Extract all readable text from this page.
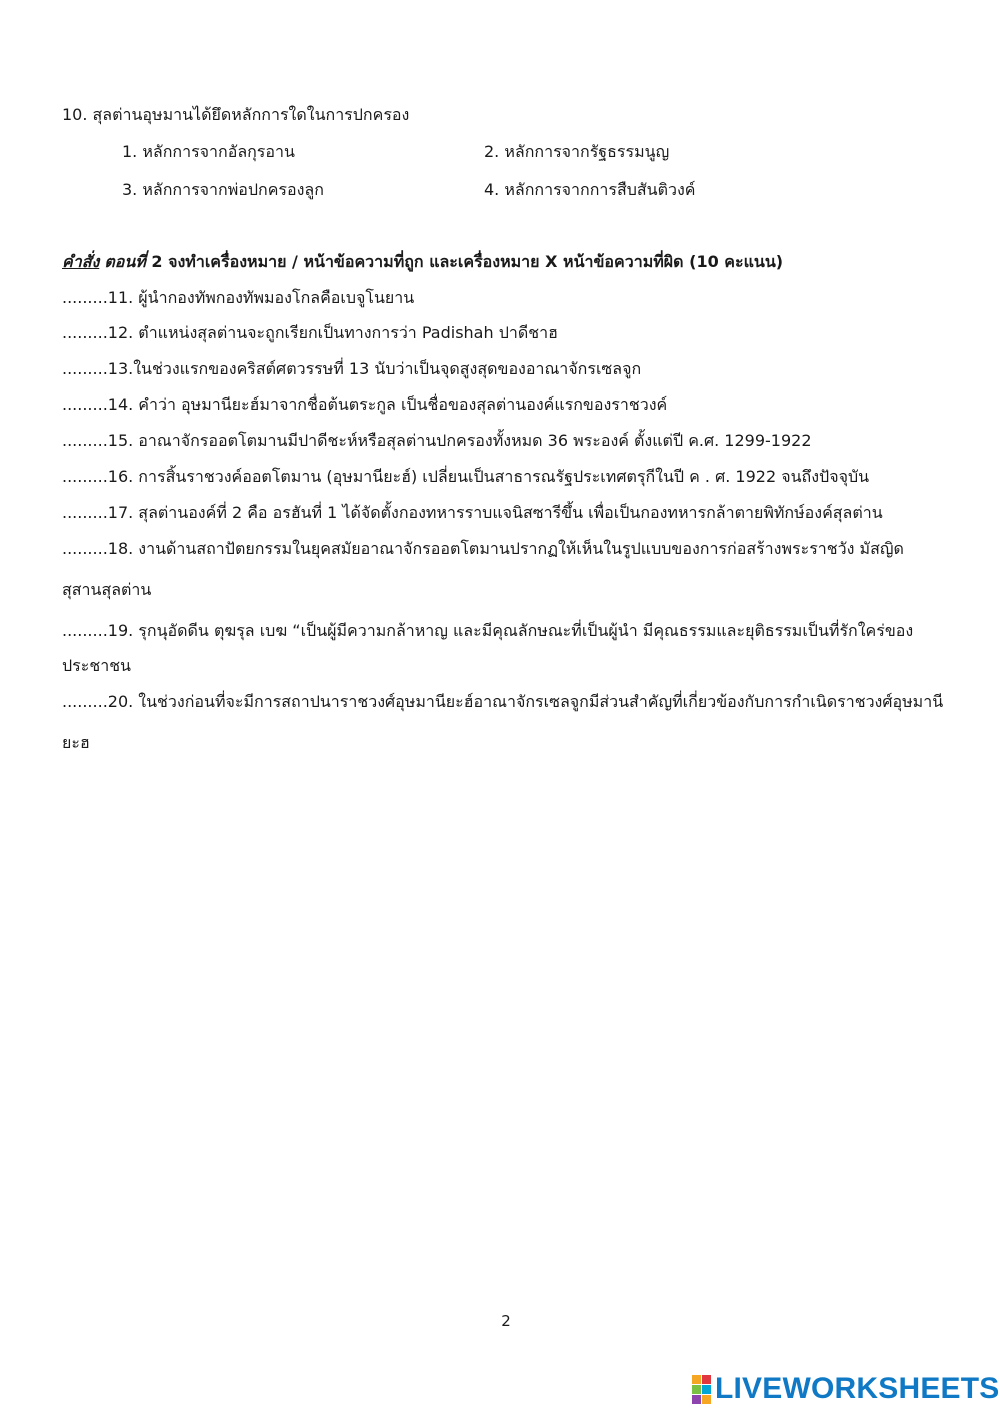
10. สุลต่านอุษมานได้ยึดหลักการใดในการปกครอง
1. หลักการจากอัลกุรอาน	2. หลักการจากรัฐธรรมนูญ
3. หลักการจากพ่อปกครองลูก	4. หลักการจากการสืบสันติวงค์
คำสั่ง ตอนที่ 2 จงทำเครื่องหมาย / หน้าข้อความที่ถูก และเครื่องหมาย X หน้าข้อความที่ผิด (10 คะแนน)
.........11. ผู้นำกองทัพกองทัพมองโกลคือเบจูโนยาน
.........12. ตำแหน่งสุลต่านจะถูกเรียกเป็นทางการว่า Padishah ปาดีชาฮ
.........13.ในช่วงแรกของคริสต์ศตวรรษที่ 13 นับว่าเป็นจุดสูงสุดของอาณาจักรเซลจูก
.........14. คำว่า อุษมานียะฮ์มาจากชื่อต้นตระกูล เป็นชื่อของสุลต่านองค์แรกของราชวงค์
.........15. อาณาจักรออตโตมานมีปาดีชะห์หรือสุลต่านปกครองทั้งหมด 36 พระองค์ ตั้งแต่ปี ค.ศ. 1299-1922
.........16. การสิ้นราชวงค์ออตโตมาน (อุษมานียะฮ์) เปลี่ยนเป็นสาธารณรัฐประเทศตรุกีในปี ค . ศ. 1922 จนถึงปัจจุบัน
.........17. สุลต่านองค์ที่ 2 คือ อรฮันที่ 1 ได้จัดตั้งกองทหารราบแจนิสซารีขึ้น เพื่อเป็นกองทหารกล้าตายพิทักษ์องค์สุลต่าน
.........18. งานด้านสถาปัตยกรรมในยุคสมัยอาณาจักรออตโตมานปรากฏให้เห็นในรูปแบบของการก่อสร้างพระราชวัง มัสญิด
สุสานสุลต่าน
.........19. รุกนุอัดดีน ตุฆรุล เบฆ “เป็นผู้มีความกล้าหาญ และมีคุณลักษณะที่เป็นผู้นำ มีคุณธรรมและยุติธรรมเป็นที่รักใคร่ของ
ประชาชน
.........20. ในช่วงก่อนที่จะมีการสถาปนาราชวงศ์อุษมานียะฮ์อาณาจักรเซลจูกมีส่วนสำคัญที่เกี่ยวข้องกับการกำเนิดราชวงศ์อุษมานี
ยะฮ
2
LIVEWORKSHEETS
